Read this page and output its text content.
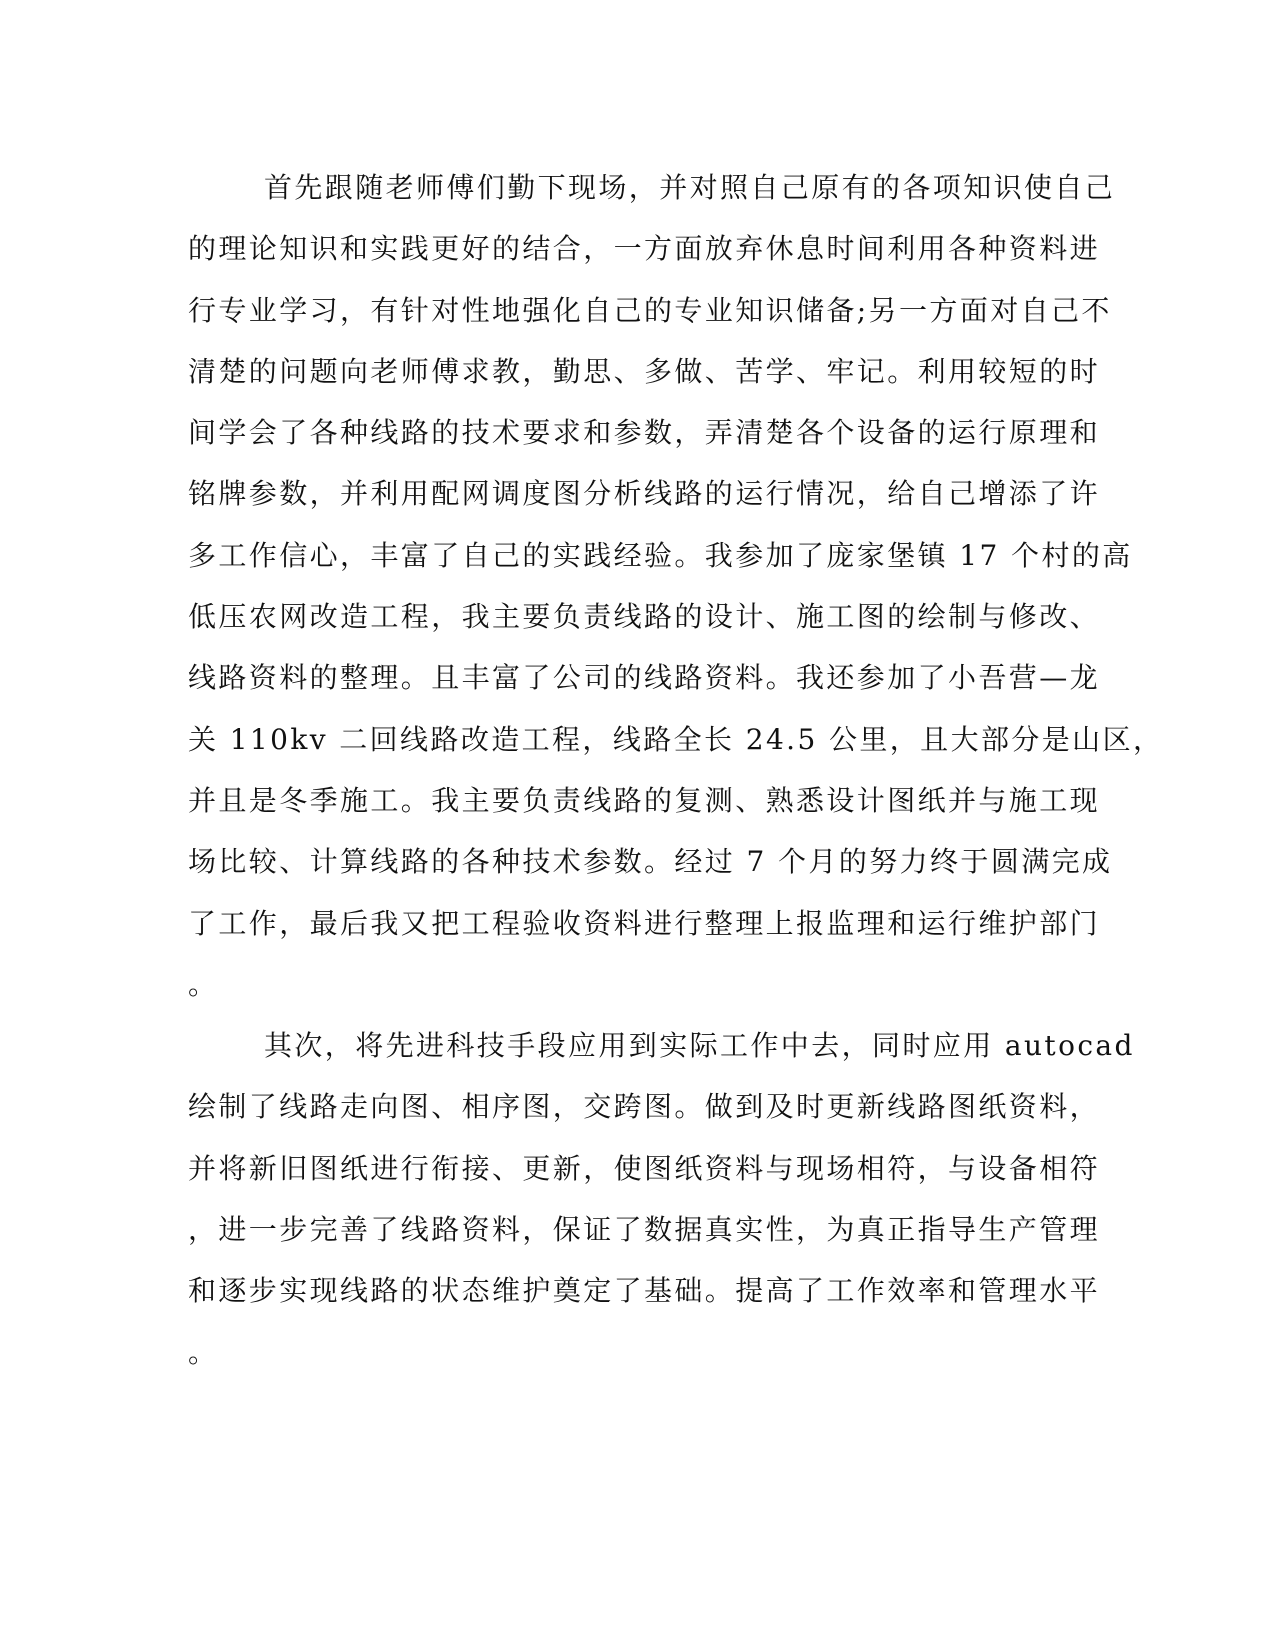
首先跟随老师傅们勤下现场，并对照自己原有的各项知识使自己
的理论知识和实践更好的结合，一方面放弃休息时间利用各种资料进
行专业学习，有针对性地强化自己的专业知识储备;另一方面对自己不
清楚的问题向老师傅求教，勤思、多做、苦学、牢记。利用较短的时
间学会了各种线路的技术要求和参数，弄清楚各个设备的运行原理和
铭牌参数，并利用配网调度图分析线路的运行情况，给自己增添了许
多工作信心，丰富了自己的实践经验。我参加了庞家堡镇 17 个村的高
低压农网改造工程，我主要负责线路的设计、施工图的绘制与修改、
线路资料的整理。且丰富了公司的线路资料。我还参加了小吾营—龙
关 110kv 二回线路改造工程，线路全长 24.5 公里，且大部分是山区，
并且是冬季施工。我主要负责线路的复测、熟悉设计图纸并与施工现
场比较、计算线路的各种技术参数。经过 7 个月的努力终于圆满完成
了工作，最后我又把工程验收资料进行整理上报监理和运行维护部门
。
其次，将先进科技手段应用到实际工作中去，同时应用 autocad
绘制了线路走向图、相序图，交跨图。做到及时更新线路图纸资料，
并将新旧图纸进行衔接、更新，使图纸资料与现场相符，与设备相符
，进一步完善了线路资料，保证了数据真实性，为真正指导生产管理
和逐步实现线路的状态维护奠定了基础。提高了工作效率和管理水平
。
